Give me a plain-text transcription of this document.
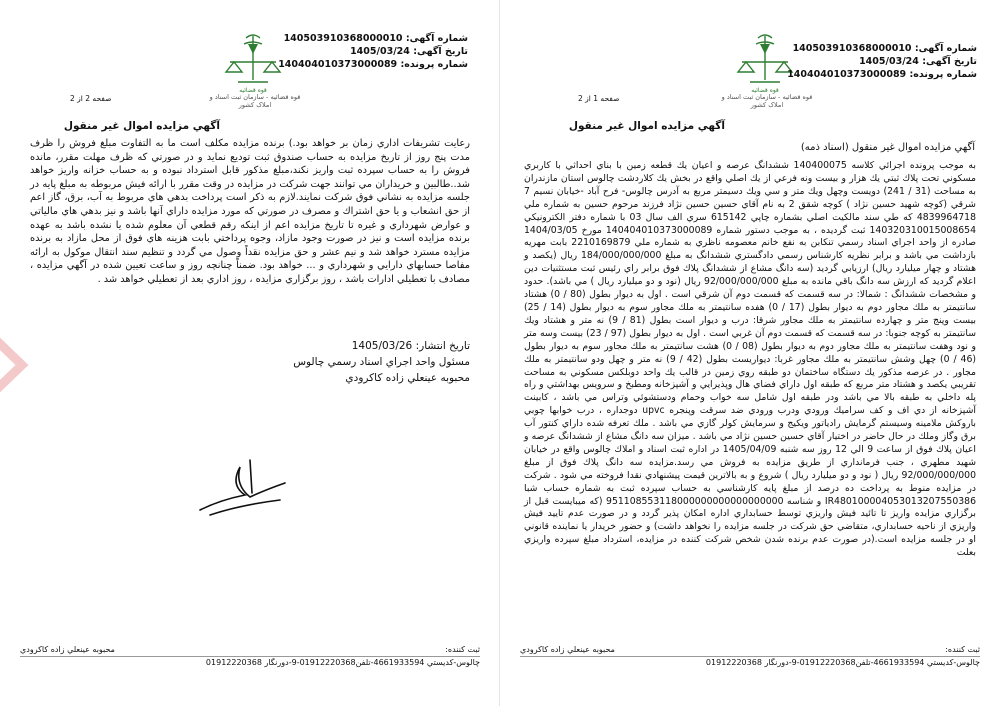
قوه قضائیه
قوه قضائیه - سازمان ثبت اسناد و املاک کشور
شماره آگهی: 140503910368000010
تاریخ آگهی: 1405/03/24
شماره پرونده: 140404010373000089
صفحه 2 از 2
آگهي مزايده اموال غير منقول
رعايت تشريفات اداري زمان بر خواهد بود.) برنده مزايده مكلف است ما به التفاوت مبلغ فروش را ظرف مدت پنج روز از تاريخ مزايده به حساب صندوق ثبت توديع نمايد و در صورتي كه ظرف مهلت مقرر، مانده فروش را به حساب سپرده ثبت واريز نكند،مبلغ مذكور قابل استرداد نبوده و به حساب خزانه واريز خواهد شد..طالبين و خريداران مي توانند جهت شركت در مزايده در وقت مقرر با ارائه فيش مربوطه به مبلغ پايه در جلسه مزايده به نشاني فوق شركت نمايند.لازم به ذكر است پرداخت بدهي هاي مربوط به آب، برق، گاز اعم از حق انشعاب و يا حق اشتراك و مصرف در صورتي كه مورد مزايده داراي آنها باشد و نيز بدهي هاي مالياتي و عوارض شهرداري و غيره تا تاريخ مزايده اعم از اينكه رقم قطعي آن معلوم شده يا نشده باشد به عهده برنده مزايده است و نيز در صورت وجود مازاد، وجوه پرداختي بابت هزينه هاي فوق از محل مازاد به برنده مزايده مسترد خواهد شد و نيم عشر و حق مزايده نقداً وصول مي گردد و تنظيم سند انتقال موكول به ارائه مفاصا حسابهاي دارايي و شهرداري و ... خواهد بود. ضمناً چنانچه روز و ساعت تعيين شده در آگهي مزايده ، مصادف با تعطيلي ادارات باشد ، روز برگزاري مزايده ، روز اداري بعد از تعطيلي خواهد شد .
تاريخ انتشار: 1405/03/26
مسئول واحد اجراي اسناد رسمي چالوس
محبوبه عينعلي زاده كاكرودي
ثبت كننده:
محبوبه عينعلي زاده كاكرودي
چالوس-كديستي 4661933594-تلفن01912220368-9-دورنگار 01912220368
قوه قضائیه
قوه قضائیه - سازمان ثبت اسناد و املاک کشور
شماره آگهی: 140503910368000010
تاریخ آگهی: 1405/03/24
شماره پرونده: 140404010373000089
صفحه 1 از 2
آگهي مزايده اموال غير منقول
آگهي مزايده اموال غير منقول (اسناد ذمه)
به موجب پرونده اجرائي كلاسه 140400075 ششدانگ عرصه و اعيان يك قطعه زمين با بناي احداثي با كاربري مسكوني تحت پلاك ثبتي يك هزار و بيست ونه فرعي از يك اصلي واقع در بخش يك كلاردشت چالوس استان مازندران به مساحت (31 / 241) دويست وچهل ويك متر و سي ويك دسيمتر مربع به آدرس چالوس- فرح آباد -خيابان نسيم 7 شرقي (كوچه شهيد حسين نژاد ) كوچه شقق 2 به نام آقاي حسين حسين نژاد فرزند مرحوم حسين به شماره ملي 4839964718 كه طي سند مالكيت اصلي بشماره چاپي 615142 سري الف سال 03 با شماره دفتر الكترونيكي 140320310015008654 ثبت گرديده ، به موجب دستور شماره 140404010373000089 مورخ 1404/03/05 صادره از واحد اجراي اسناد رسمي تنكابن به نفع خانم معصومه ناظري به شماره ملي 2210169879 بابت مهريه بازداشت مي باشد و برابر نظريه كارشناس رسمي دادگستري ششدانگ به مبلغ 184/000/000/000 ريال (يكصد و هشتاد و چهار ميليارد ريال) ارزيابي گرديد (سه دانگ مشاع از ششدانگ پلاك فوق برابر راي رئيس ثبت مستثنيات دين اعلام گرديد كه ارزش سه دانگ باقي مانده به مبلغ 92/000/000/000 ريال (نود و دو ميليارد ريال ) مي باشد). حدود و مشخصات ششدانگ : شمالا: در سه قسمت كه قسمت دوم آن شرقي است . اول به ديوار بطول (80 / 0) هشتاد سانتيمتر به ملك مجاور دوم به ديوار بطول (17 / 0) هفده سانتيمتر به ملك مجاور سوم به ديوار بطول (14 / 25) بيست وپنج متر و چهارده سانتيمتر به ملك مجاور شرقا: درب و ديوار است بطول (81 / 9) نه متر و هشتاد ويك سانتيمتر به كوچه جنوبا: در سه قسمت كه قسمت دوم آن غربي است . اول به ديوار بطول (97 / 23) بيست وسه متر و نود وهفت سانتيمتر به ملك مجاور دوم به ديوار بطول (08 / 0) هشت سانتيمتر به ملك مجاور سوم به ديوار بطول (46 / 0) چهل وشش سانتيمتر به ملك مجاور غربا: ديواريست بطول (42 / 9) نه متر و چهل ودو سانتيمتر به ملك مجاور . در عرصه مذكور يك دستگاه ساختمان دو طبقه روي زمين در قالب يك واحد دوبلكس مسكوني به مساحت تقريبي يكصد و هشتاد متر مربع كه طبقه اول داراي فضاي هال وپذيرايي و آشپزخانه ومطبخ و سرويس بهداشتي و راه پله داخلي به طبقه بالا مي باشد ودر طبقه اول شامل سه خواب وحمام ودستشوئي وتراس مي باشد ، كابينت آشپزخانه از دي اف و كف سراميك ورودي ودرب ورودي ضد سرقت وپنجره upvc دوجداره ، درب خوابها چوبي باروكش ملامينه وسيستم گرمايش رادياتور ويكيج و سرمايش كولر گازي مي باشد . ملك تعرفه شده داراي كنتور آب برق وگاز وملك در حال حاضر در اختيار آقاي حسين حسين نژاد مي باشد . ميزان سه دانگ مشاع از ششدانگ عرصه و اعيان پلاك فوق از ساعت 9 الي 12 روز سه شنبه 1405/04/09 در اداره ثبت اسناد و املاك چالوس واقع در خيابان شهيد مطهري ، جنب فرمانداري از طريق مزايده به فروش مي رسد.مزايده سه دانگ پلاك فوق از مبلغ 92/000/000/000 ريال ( نود و دو ميليارد ريال ) شروع و به بالاترين قيمت پيشنهادي نقدا فروخته مي شود . شركت در مزايده منوط به پرداخت ده درصد از مبلغ پايه كارشناسي به حساب سپرده ثبت به شماره حساب شبا IR480100004053013207550386 و شناسه 951108553118000000000000000000 (كه ميبايست قبل از برگزاري مزايده واريز تا تائيد فيش واريزي توسط حسابداري اداره امكان پذير گردد و در صورت عدم تاييد فيش واريزي از ناحيه حسابداري، متقاضي حق شركت در جلسه مزايده را نخواهد داشت) و حضور خريدار يا نماينده قانوني او در جلسه مزايده است.(در صورت عدم برنده شدن شخص شركت كننده در مزايده، استرداد مبلغ سپرده واريزي بعلت
ثبت كننده:
محبوبه عينعلي زاده كاكرودي
چالوس-كديستي 4661933594-تلفن01912220368-9-دورنگار 01912220368
